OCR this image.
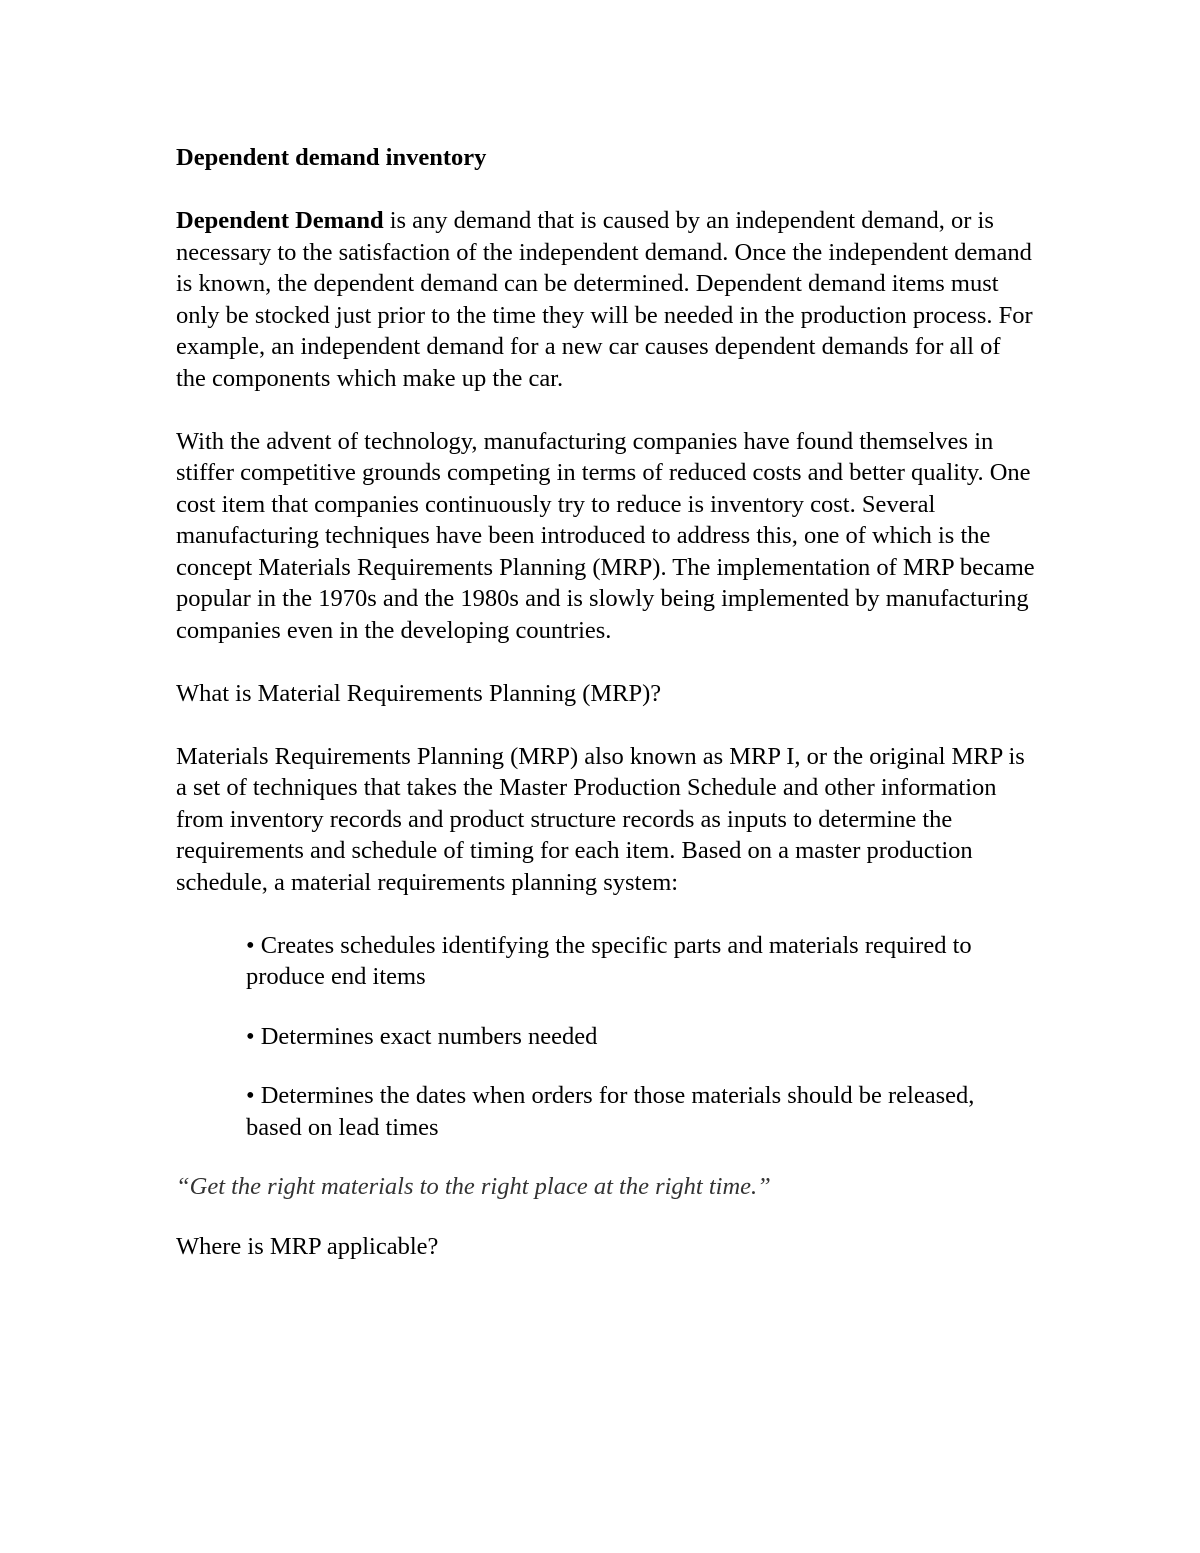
Dependent demand inventory

Dependent Demand is any demand that is caused by an independent demand, or is necessary to the satisfaction of the independent demand. Once the independent demand is known, the dependent demand can be determined. Dependent demand items must only be stocked just prior to the time they will be needed in the production process. For example, an independent demand for a new car causes dependent demands for all of the components which make up the car.

With the advent of technology, manufacturing companies have found themselves in stiffer competitive grounds competing in terms of reduced costs and better quality. One cost item that companies continuously try to reduce is inventory cost. Several manufacturing techniques have been introduced to address this, one of which is the concept Materials Requirements Planning (MRP). The implementation of MRP became popular in the 1970s and the 1980s and is slowly being implemented by manufacturing companies even in the developing countries.

What is Material Requirements Planning (MRP)?

Materials Requirements Planning (MRP) also known as MRP I, or the original MRP is a set of techniques that takes the Master Production Schedule and other information from inventory records and product structure records as inputs to determine the requirements and schedule of timing for each item. Based on a master production schedule, a material requirements planning system:

• Creates schedules identifying the specific parts and materials required to produce end items
• Determines exact numbers needed
• Determines the dates when orders for those materials should be released, based on lead times

“Get the right materials to the right place at the right time.”

Where is MRP applicable?
